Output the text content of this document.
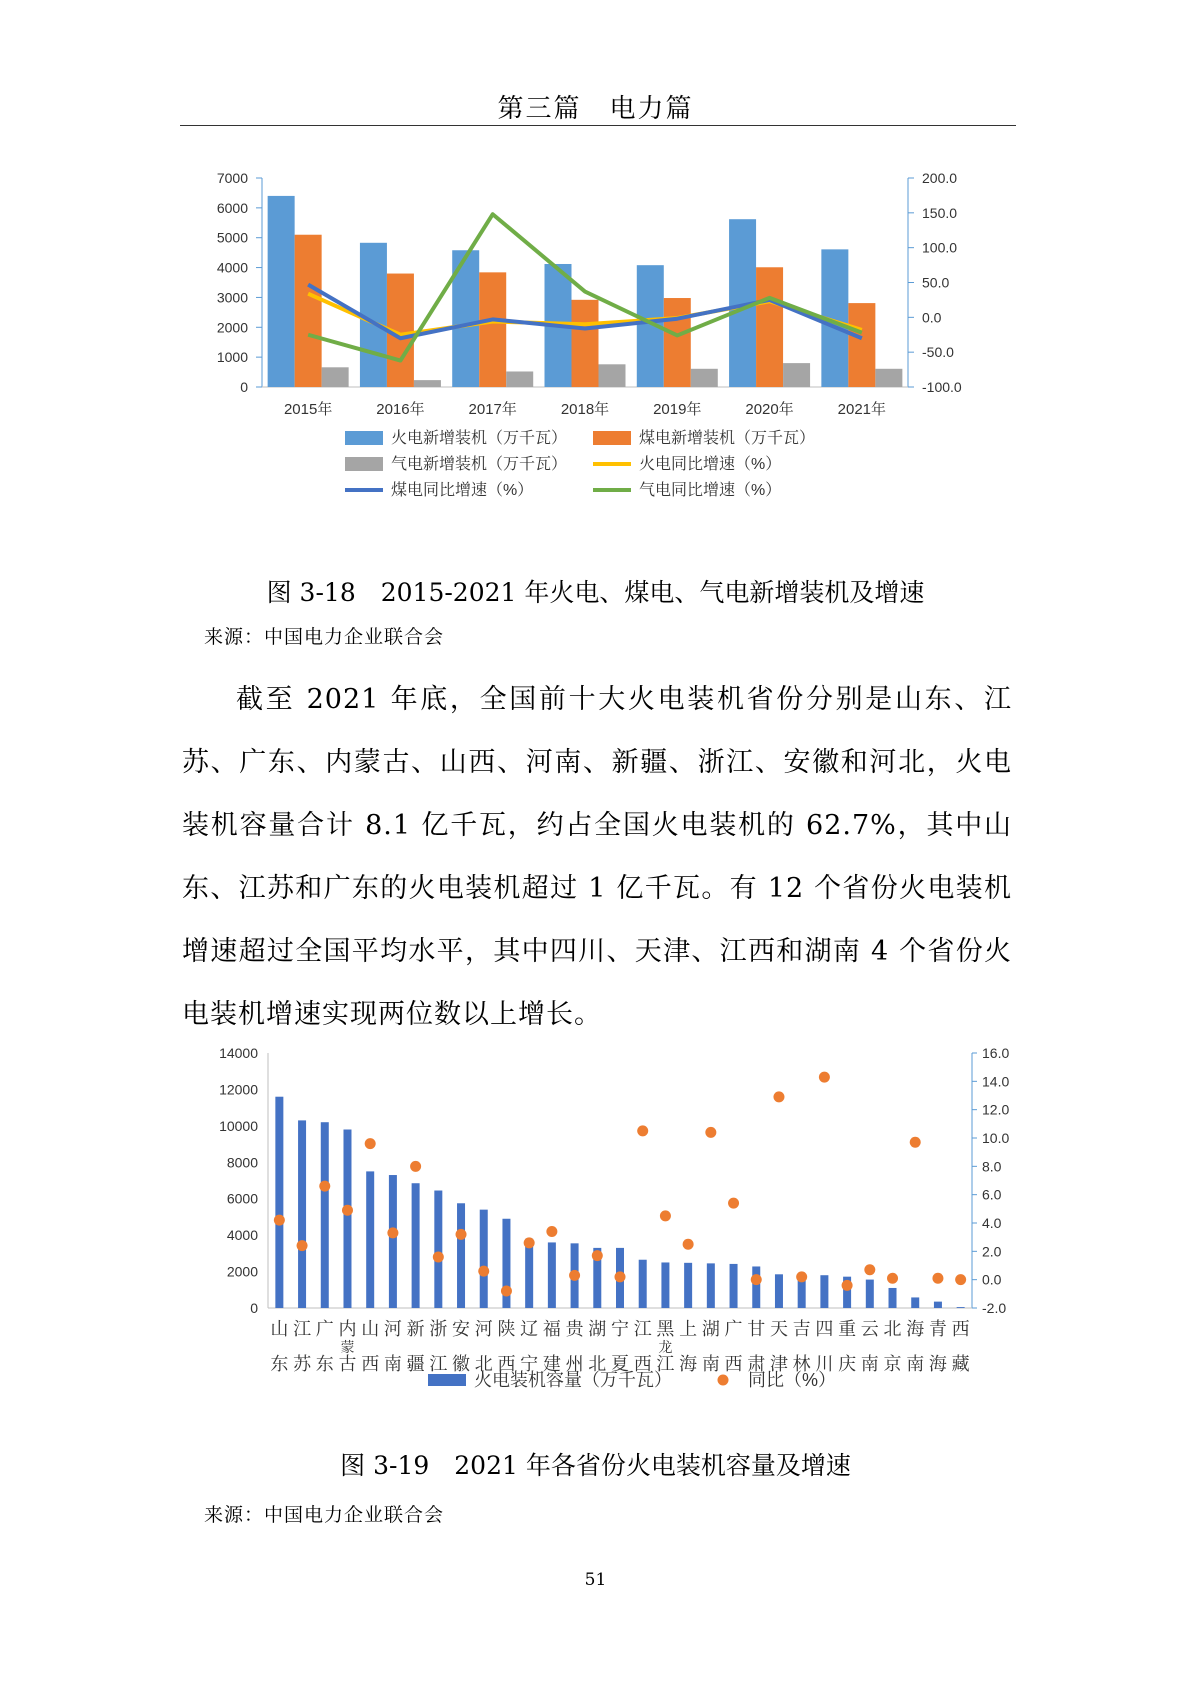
第三篇　电力篇
7000
6000
5000
4000
3000
2000
1000
0
200.0
150.0
100.0
50.0
0.0
-50.0
-100.0
2015年	2016年	2017年	2018年	2019年	2020年	2021年
火电新增装机（万千瓦）	煤电新增装机（万千瓦）
气电新增装机（万千瓦）	火电同比增速（%）
煤电同比增速（%）	气电同比增速（%）
图 3-18　2015-2021 年火电、煤电、气电新增装机及增速
来源：中国电力企业联合会
截至 2021 年底，全国前十大火电装机省份分别是山东、江苏、广东、内蒙古、山西、河南、新疆、浙江、安徽和河北，火电装机容量合计 8.1 亿千瓦，约占全国火电装机的 62.7%，其中山东、江苏和广东的火电装机超过 1 亿千瓦。有 12 个省份火电装机增速超过全国平均水平，其中四川、天津、江西和湖南 4 个省份火电装机增速实现两位数以上增长。
14000
12000
10000
8000
6000
4000
2000
0
16.0
14.0
12.0
10.0
8.0
6.0
4.0
2.0
0.0
-2.0
山 江 广 内 山 河 新 浙 安 河 陕 辽 福 贵 湖 宁 江 黑 上 湖 广 甘 天 吉 四 重 云 北 海 青 西
东 苏 东 古 西 南 疆 江 徽 北 西 宁 建 州 北 夏 西 江 海 南 西 肃 津 林 川 庆 南 京 南 海 藏
蒙	龙
火电装机容量（万千瓦）	同比（%）
图 3-19　2021 年各省份火电装机容量及增速
来源：中国电力企业联合会
51
